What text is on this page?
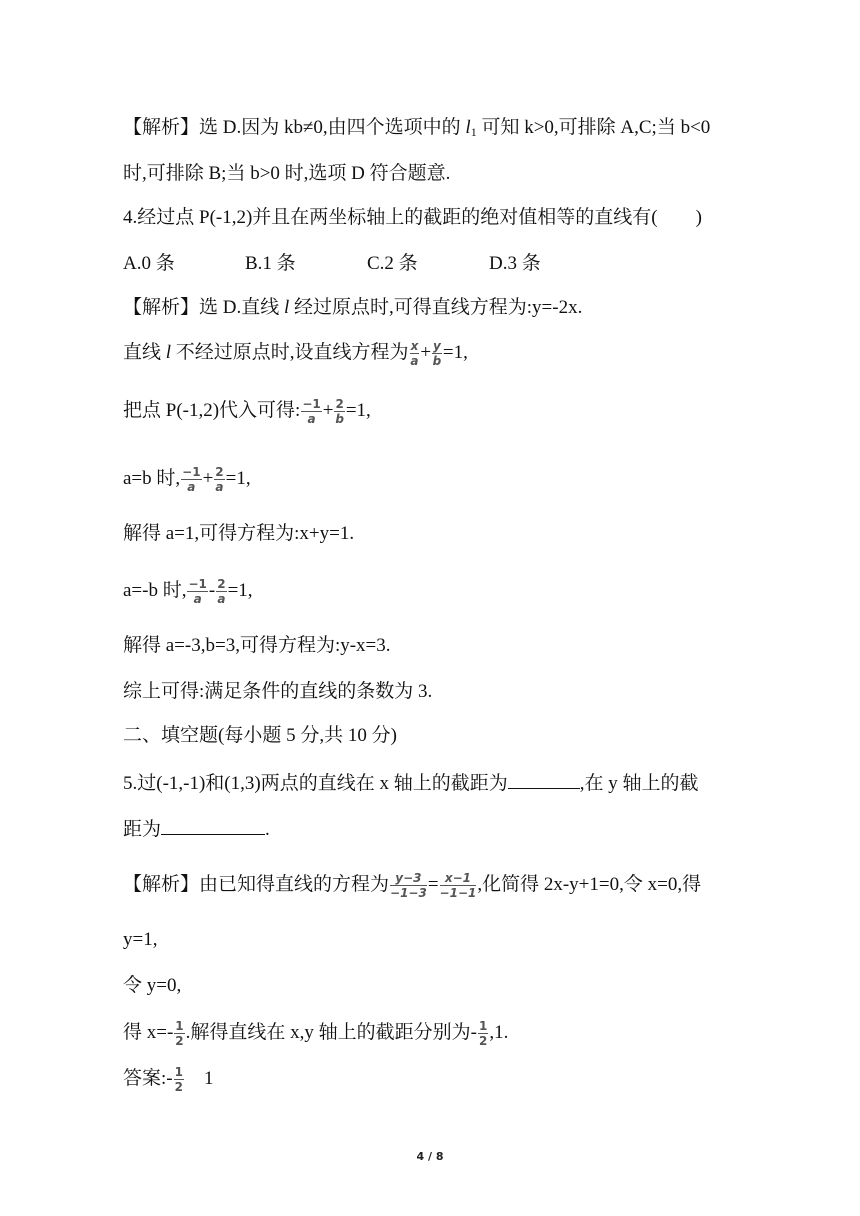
【解析】选 D.因为 kb≠0,由四个选项中的 $l_1$ 可知 k>0,可排除 A,C;当 b<0
时,可排除 B;当 b>0 时,选项 D 符合题意.
4.经过点 P(-1,2)并且在两坐标轴上的截距的绝对值相等的直线有(　　)
A.0 条	B.1 条	C.2 条	D.3 条
【解析】选 D.直线 l 经过原点时,可得直线方程为:y=-2x.
直线 l 不经过原点时,设直线方程为 $\frac{x}{a} + \frac{y}{b} =1$,
把点 P(-1,2)代入可得: $\frac{-1}{a} + \frac{2}{b} =1$,
a=b 时, $\frac{-1}{a} + \frac{2}{a} =1$,
解得 a=1,可得方程为:x+y=1.
a=-b 时, $\frac{-1}{a} - \frac{2}{a} =1$,
解得 a=-3,b=3,可得方程为:y-x=3.
综上可得:满足条件的直线的条数为 3.
二、填空题(每小题 5 分,共 10 分)
5.过(-1,-1)和(1,3)两点的直线在 x 轴上的截距为	,在 y 轴上的截
距为	.
【解析】由已知得直线的方程为 $\frac{y-3}{-1-3} = \frac{x-1}{-1-1}$ ,化简得 2x-y+1=0,令 x=0,得
y=1,
令 y=0,
得 $x=- \frac{1}{2}$ .解得直线在 x,y 轴上的截距分别为- $\frac{1}{2} ,1$.
答案:- $\frac{1}{2}$ 　1
4 / 8
